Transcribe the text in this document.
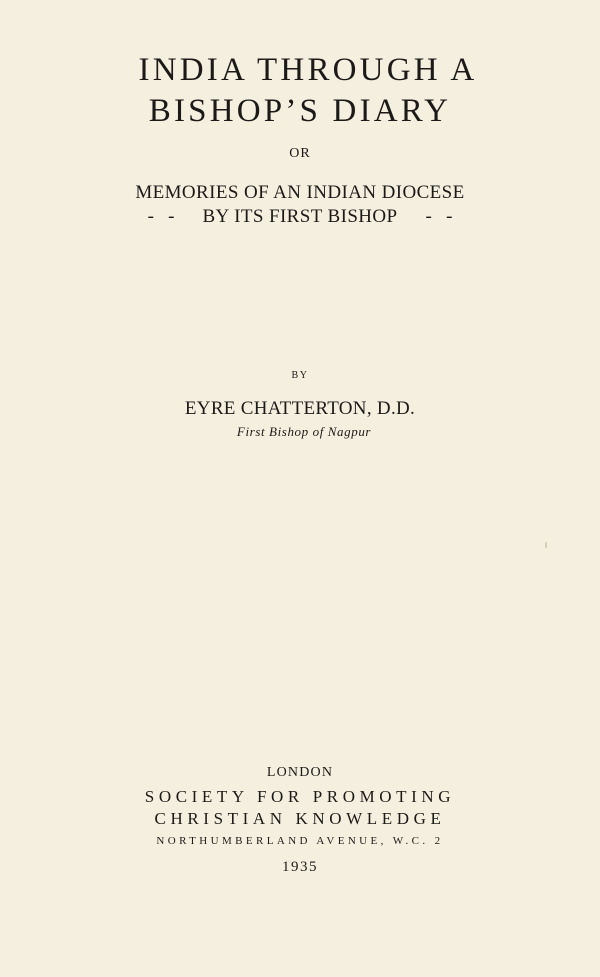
INDIA THROUGH A
BISHOP’S DIARY
OR
MEMORIES OF AN INDIAN DIOCESE
-   - BY ITS FIRST BISHOP -   -
BY
EYRE CHATTERTON, D.D.
First Bishop of Nagpur
LONDON
SOCIETY FOR PROMOTING
CHRISTIAN KNOWLEDGE
NORTHUMBERLAND AVENUE, W.C. 2
1935
